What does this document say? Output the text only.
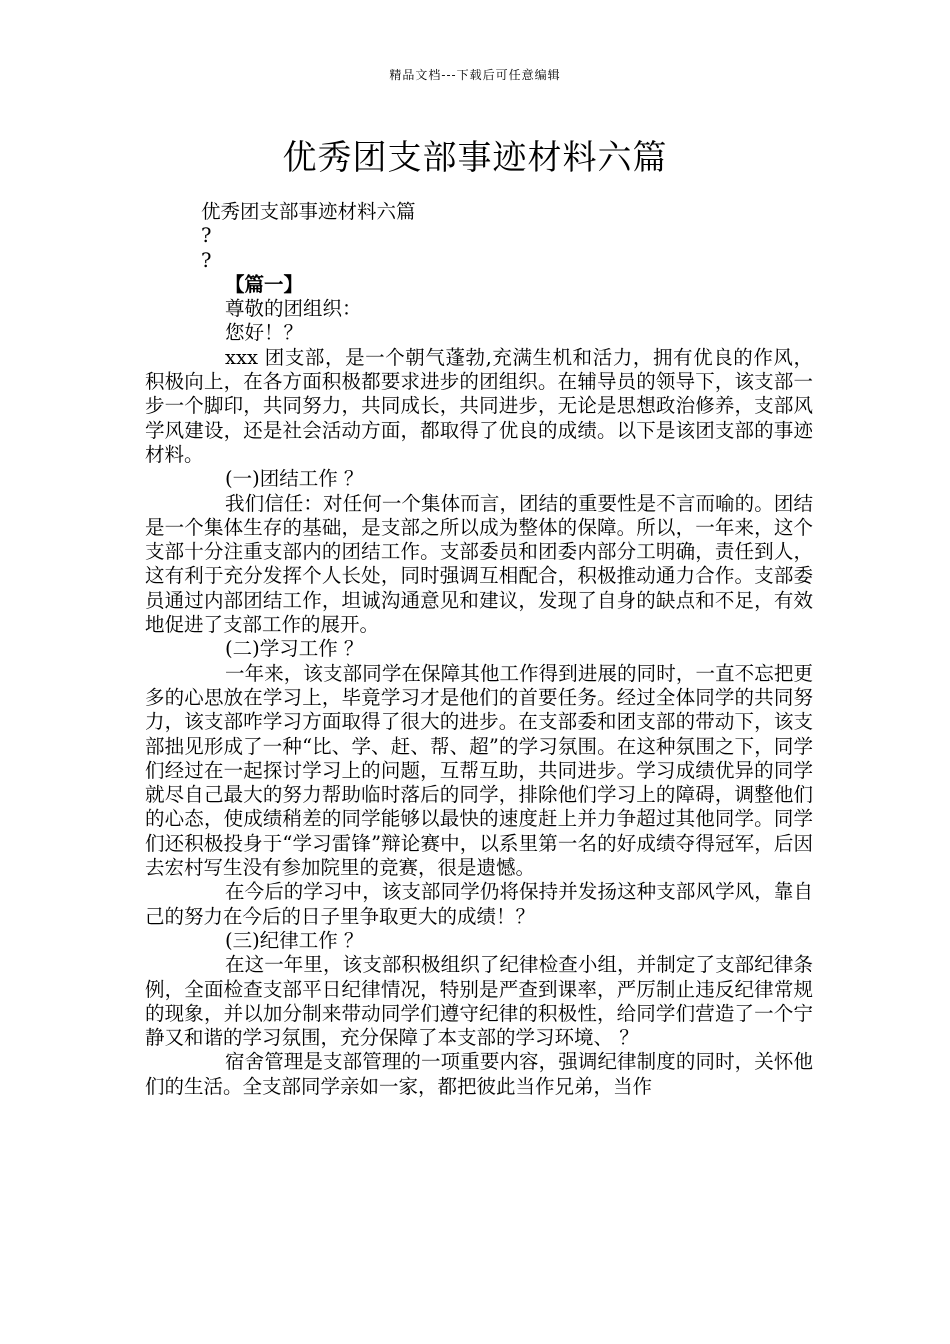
精品文档---下载后可任意编辑
优秀团支部事迹材料六篇

优秀团支部事迹材料六篇

?

?

【篇一】

尊敬的团组织：

您好！？

xxx 团支部，是一个朝气蓬勃,充满生机和活力，拥有优良的作风，积极向上，在各方面积极都要求进步的团组织。在辅导员的领导下，该支部一步一个脚印，共同努力，共同成长，共同进步，无论是思想政治修养，支部风学风建设，还是社会活动方面，都取得了优良的成绩。以下是该团支部的事迹材料。

(一)团结工作 ？

我们信任：对任何一个集体而言，团结的重要性是不言而喻的。团结是一个集体生存的基础，是支部之所以成为整体的保障。所以，一年来，这个支部十分注重支部内的团结工作。支部委员和团委内部分工明确，责任到人，这有利于充分发挥个人长处，同时强调互相配合，积极推动通力合作。支部委员通过内部团结工作，坦诚沟通意见和建议，发现了自身的缺点和不足，有效地促进了支部工作的展开。

(二)学习工作 ？

一年来，该支部同学在保障其他工作得到进展的同时，一直不忘把更多的心思放在学习上，毕竟学习才是他们的首要任务。经过全体同学的共同努力，该支部咋学习方面取得了很大的进步。在支部委和团支部的带动下，该支部拙见形成了一种“比、学、赶、帮、超”的学习氛围。在这种氛围之下，同学们经过在一起探讨学习上的问题，互帮互助，共同进步。学习成绩优异的同学就尽自己最大的努力帮助临时落后的同学，排除他们学习上的障碍，调整他们的心态，使成绩稍差的同学能够以最快的速度赶上并力争超过其他同学。同学们还积极投身于“学习雷锋”辩论赛中，以系里第一名的好成绩夺得冠军，后因去宏村写生没有参加院里的竞赛，很是遗憾。

在今后的学习中，该支部同学仍将保持并发扬这种支部风学风，靠自己的努力在今后的日子里争取更大的成绩！？

(三)纪律工作 ？

在这一年里，该支部积极组织了纪律检查小组，并制定了支部纪律条例，全面检查支部平日纪律情况，特别是严查到课率，严厉制止违反纪律常规的现象，并以加分制来带动同学们遵守纪律的积极性，给同学们营造了一个宁静又和谐的学习氛围，充分保障了本支部的学习环境、 ？

宿舍管理是支部管理的一项重要内容，强调纪律制度的同时，关怀他们的生活。全支部同学亲如一家，都把彼此当作兄弟，当作
